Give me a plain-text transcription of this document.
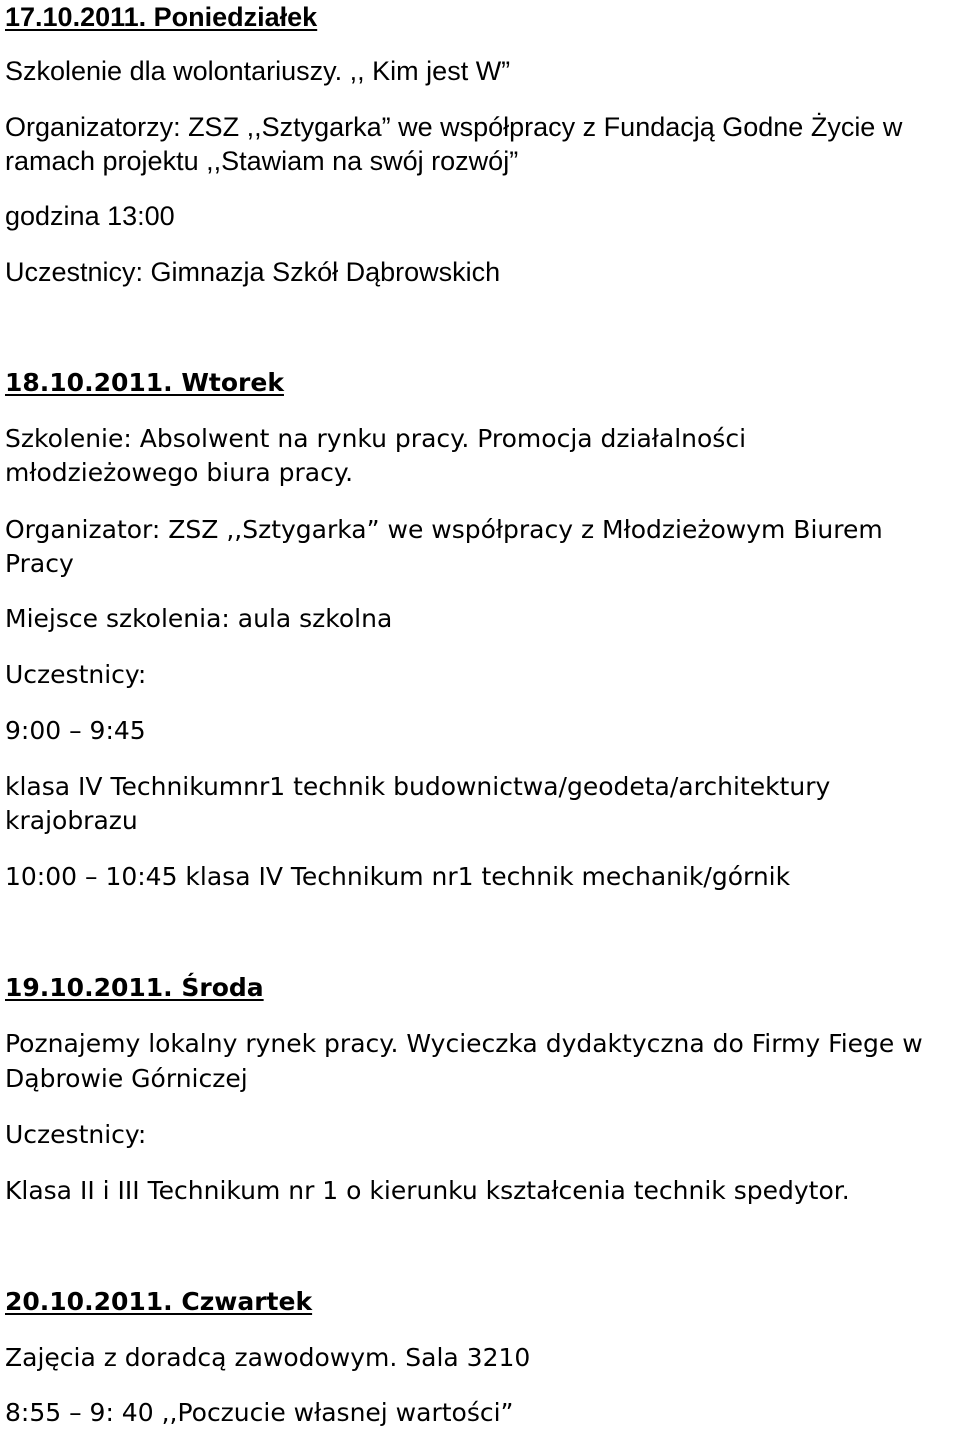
17.10.2011. Poniedziałek
Szkolenie dla wolontariuszy. ,, Kim jest W”
Organizatorzy: ZSZ ,,Sztygarka” we współpracy z Fundacją Godne Życie w
ramach projektu ,,Stawiam na swój rozwój”
godzina 13:00
Uczestnicy: Gimnazja Szkół Dąbrowskich
18.10.2011. Wtorek
Szkolenie: Absolwent na rynku pracy. Promocja działalności
młodzieżowego biura pracy.
Organizator: ZSZ ,,Sztygarka” we współpracy z Młodzieżowym Biurem
Pracy
Miejsce szkolenia: aula szkolna
Uczestnicy:
9:00 – 9:45
klasa IV Technikumnr1 technik budownictwa/geodeta/architektury
krajobrazu
10:00 – 10:45 klasa IV Technikum nr1 technik mechanik/górnik
19.10.2011. Środa
Poznajemy lokalny rynek pracy. Wycieczka dydaktyczna do Firmy Fiege w
Dąbrowie Górniczej
Uczestnicy:
Klasa II i III Technikum nr 1 o kierunku kształcenia technik spedytor.
20.10.2011. Czwartek
Zajęcia z doradcą zawodowym. Sala 3210
8:55 – 9: 40 ,,Poczucie własnej wartości”
